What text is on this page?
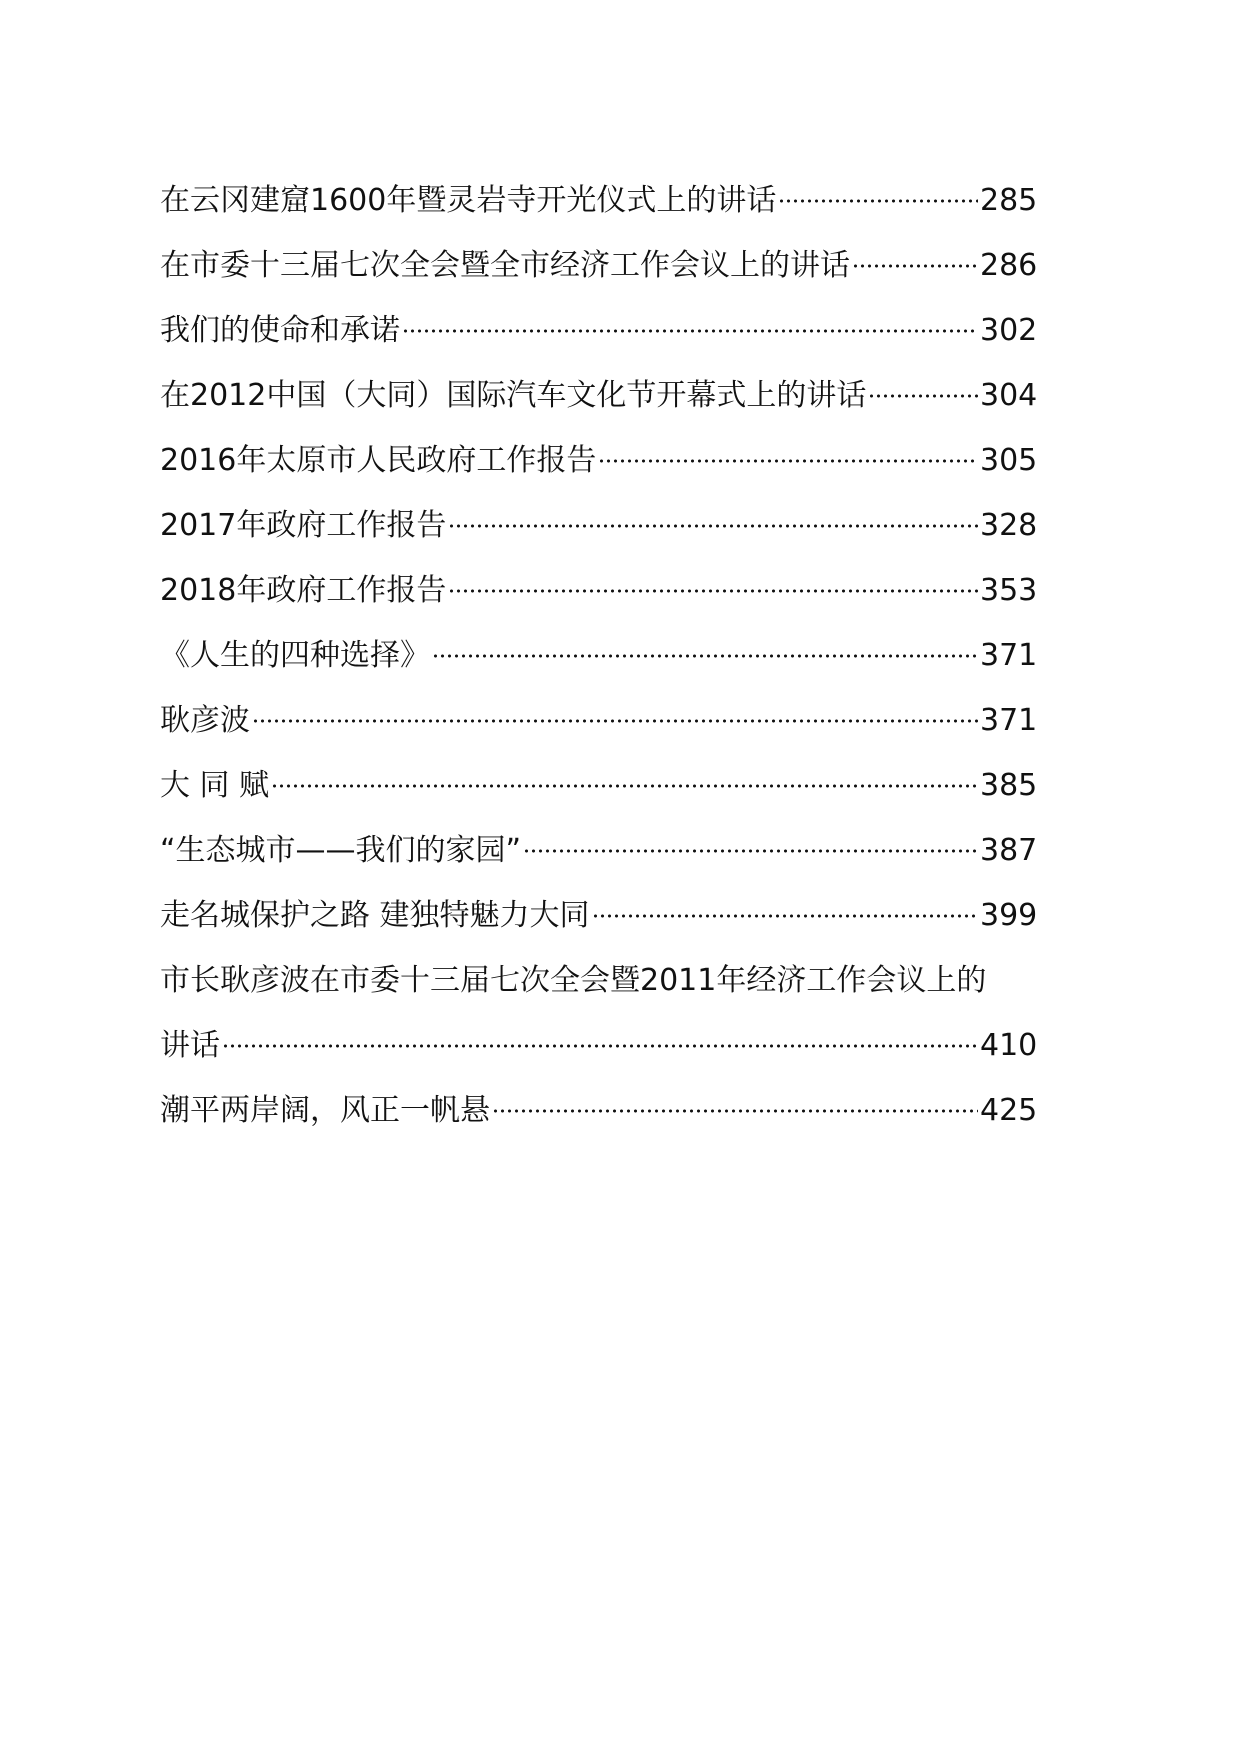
在云冈建窟1600年暨灵岩寺开光仪式上的讲话	285
在市委十三届七次全会暨全市经济工作会议上的讲话	286
我们的使命和承诺	302
在2012中国（大同）国际汽车文化节开幕式上的讲话	304
2016年太原市人民政府工作报告	305
2017年政府工作报告	328
2018年政府工作报告	353
《人生的四种选择》	371
耿彦波	371
大 同 赋	385
“生态城市——我们的家园”	387
走名城保护之路 建独特魅力大同	399
市长耿彦波在市委十三届七次全会暨2011年经济工作会议上的
讲话	410
潮平两岸阔，风正一帆悬	425
